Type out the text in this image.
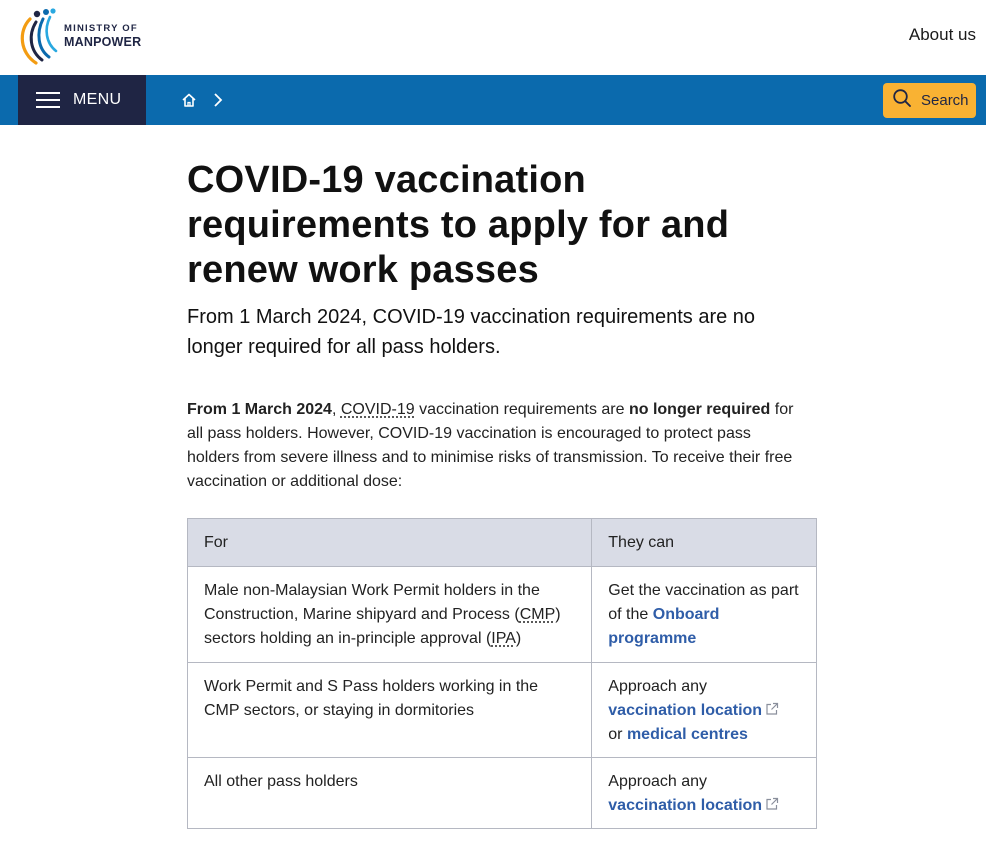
MINISTRY OF
MANPOWER	About us
MENU	Search
COVID-19 vaccination requirements to apply for and renew work passes

From 1 March 2024, COVID-19 vaccination requirements are no longer required for all pass holders.

From 1 March 2024, COVID-19 vaccination requirements are no longer required for all pass holders. However, COVID-19 vaccination is encouraged to protect pass holders from severe illness and to minimise risks of transmission. To receive their free vaccination or additional dose:

For	They can
Male non-Malaysian Work Permit holders in the Construction, Marine shipyard and Process (CMP) sectors holding an in-principle approval (IPA)	Get the vaccination as part of the Onboard programme
Work Permit and S Pass holders working in the CMP sectors, or staying in dormitories	Approach any
vaccination location
or medical centres
All other pass holders	Approach any
vaccination location
